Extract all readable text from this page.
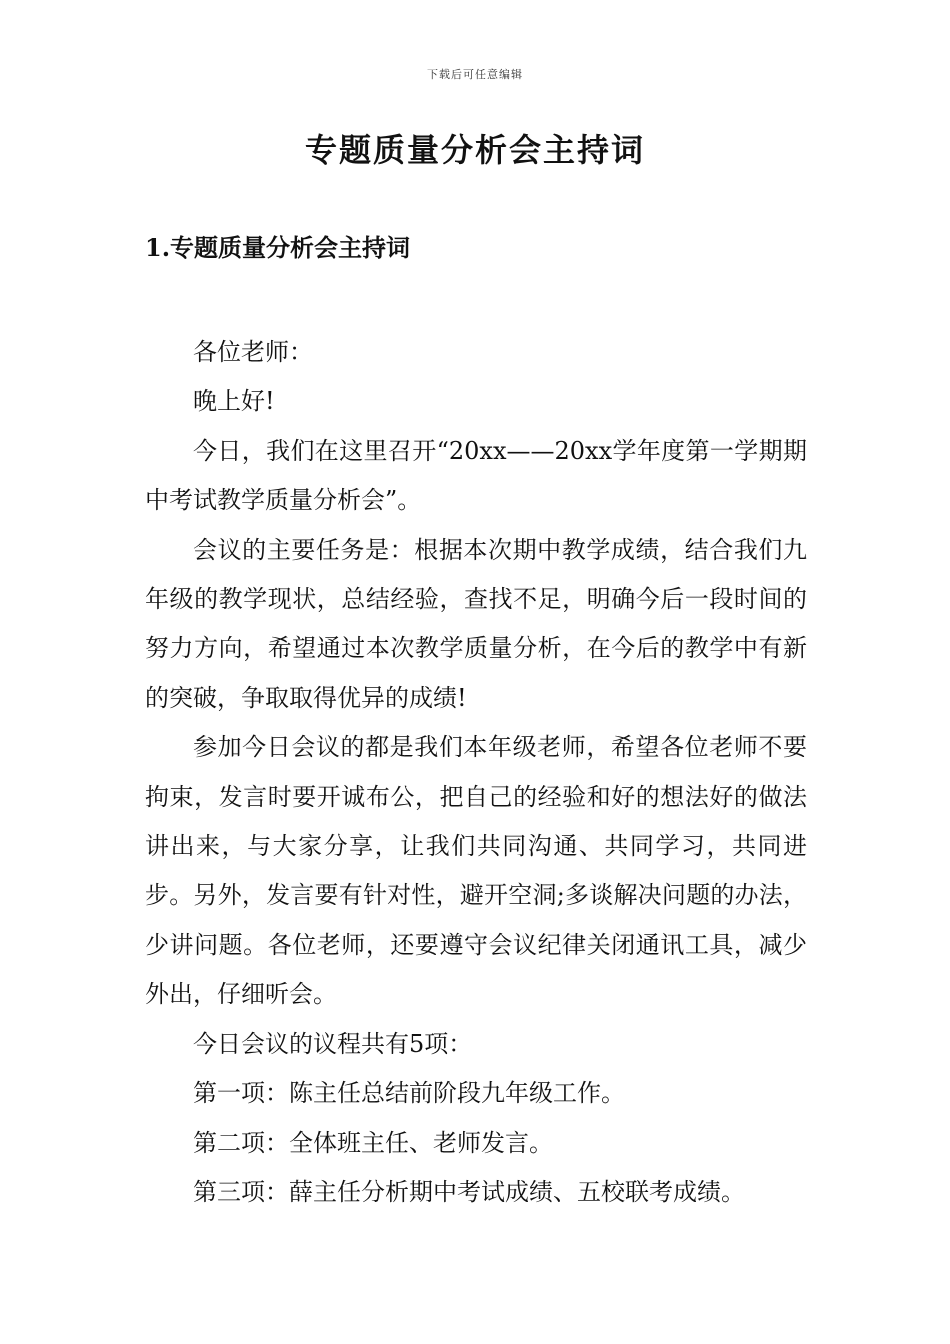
下载后可任意编辑
专题质量分析会主持词
1.专题质量分析会主持词

各位老师：

晚上好!

今日，我们在这里召开“20xx——20xx学年度第一学期期中考试教学质量分析会”。

会议的主要任务是：根据本次期中教学成绩，结合我们九年级的教学现状，总结经验，查找不足，明确今后一段时间的努力方向，希望通过本次教学质量分析，在今后的教学中有新的突破，争取取得优异的成绩!

参加今日会议的都是我们本年级老师，希望各位老师不要拘束，发言时要开诚布公，把自己的经验和好的想法好的做法讲出来，与大家分享，让我们共同沟通、共同学习，共同进步。另外，发言要有针对性，避开空洞;多谈解决问题的办法，少讲问题。各位老师，还要遵守会议纪律关闭通讯工具，减少外出，仔细听会。

今日会议的议程共有5项：

第一项：陈主任总结前阶段九年级工作。

第二项：全体班主任、老师发言。

第三项：薛主任分析期中考试成绩、五校联考成绩。
